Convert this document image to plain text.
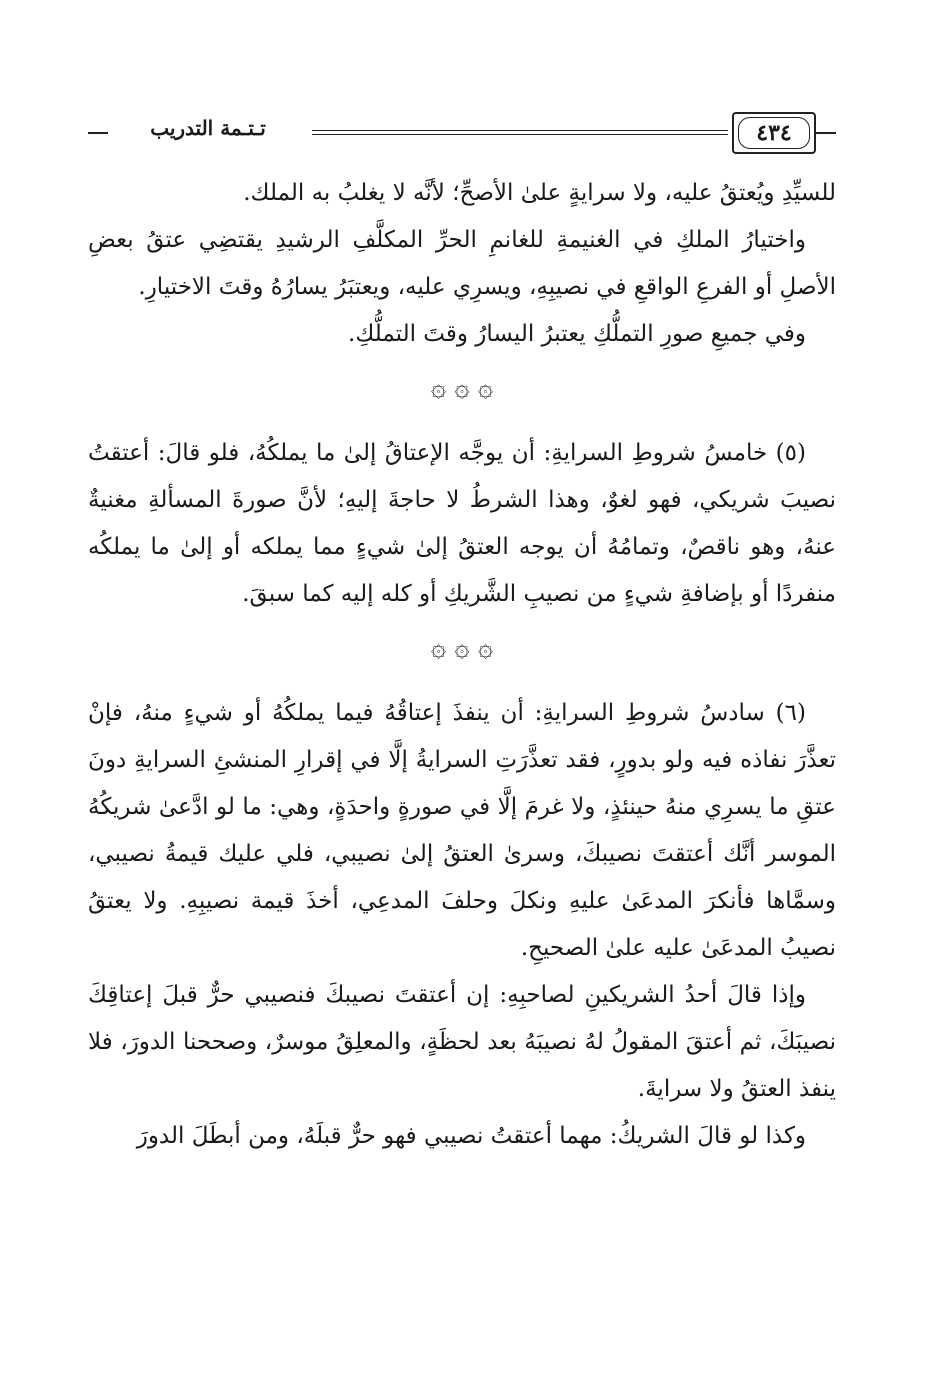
٤٣٤
تـتـمة التدريب

للسيِّدِ ويُعتقُ عليه، ولا سرايةٍ علىٰ الأصحِّ؛ لأنَّه لا يغلبُ به الملك.

واختيارُ الملكِ في الغنيمةِ للغانمِ الحرِّ المكلَّفِ الرشيدِ يقتضِي عتقُ بعضِ الأصلِ أو الفرعِ الواقعِ في نصيبِهِ، ويسرِي عليه، ويعتبَرُ يسارُهُ وقتَ الاختيارِ.

وفي جميعِ صورِ التملُّكِ يعتبرُ اليسارُ وقتَ التملُّكِ.

۞ ۞ ۞

(٥) خامسُ شروطِ السرايةِ: أن يوجَّه الإعتاقُ إلىٰ ما يملكُهُ، فلو قالَ: أعتقتُ نصيبَ شريكي، فهو لغوٌ، وهذا الشرطُ لا حاجةَ إليهِ؛ لأنَّ صورةَ المسألةِ مغنيةٌ عنهُ، وهو ناقصٌ، وتمامُهُ أن يوجه العتقُ إلىٰ شيءٍ مما يملكه أو إلىٰ ما يملكُه منفردًا أو بإضافةِ شيءٍ من نصيبِ الشَّريكِ أو كله إليه كما سبقَ.

۞ ۞ ۞

(٦) سادسُ شروطِ السرايةِ: أن ينفذَ إعتاقُهُ فيما يملكُهُ أو شيءٍ منهُ، فإنْ تعذَّرَ نفاذه فيه ولو بدورٍ، فقد تعذَّرَتِ السرايةُ إلَّا في إقرارِ المنشئِ السرايةِ دونَ عتقِ ما يسرِي منهُ حينئذٍ، ولا غرمَ إلَّا في صورةٍ واحدَةٍ، وهي: ما لو ادَّعىٰ شريكُهُ الموسر أنَّك أعتقتَ نصيبكَ، وسرىٰ العتقُ إلىٰ نصيبي، فلي عليك قيمةُ نصيبي، وسمَّاها فأنكرَ المدعَىٰ عليهِ ونكلَ وحلفَ المدعِي، أخذَ قيمة نصيبِهِ. ولا يعتقُ نصيبُ المدعَىٰ عليه علىٰ الصحيحِ.

وإذا قالَ أحدُ الشريكينِ لصاحبِهِ: إن أعتقتَ نصيبكَ فنصيبي حرٌّ قبلَ إعتاقِكَ نصيبَكَ، ثم أعتقَ المقولُ لهُ نصيبَهُ بعد لحظَةٍ، والمعلِقُ موسرٌ، وصححنا الدورَ، فلا ينفذ العتقُ ولا سرايةَ.

وكذا لو قالَ الشريكُ: مهما أعتقتُ نصيبي فهو حرٌّ قبلَهُ، ومن أبطَلَ الدورَ
